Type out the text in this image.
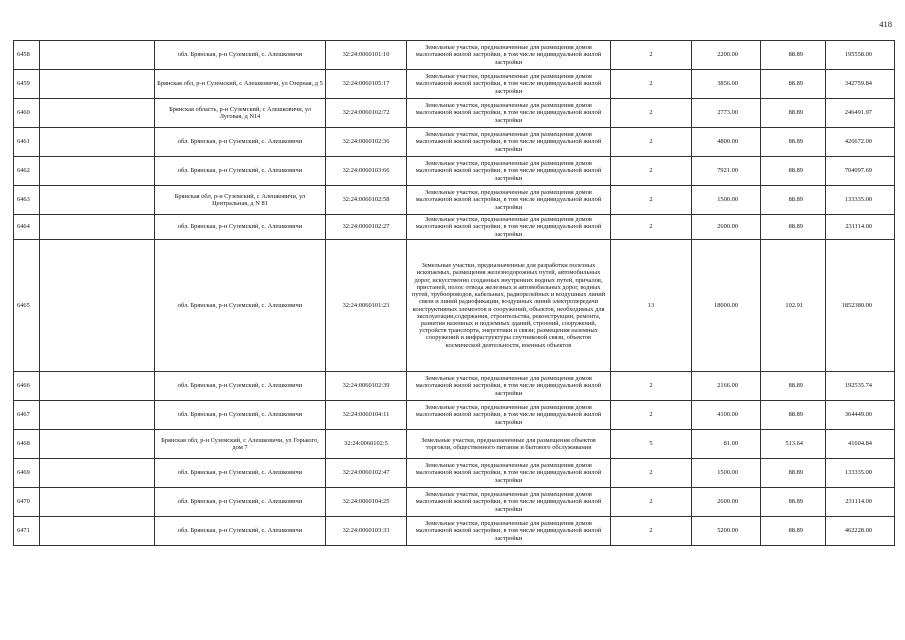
418
6458		обл. Брянская, р-н Суземский, с. Алешковичи	32:24:0060101:10	Земельные участки, предназначенные для размещения домов малоэтажной жилой застройки, в том числе индивидуальной жилой застройки	2	2200.00	88.89	195558.00
6459		Брянская обл, р-н Суземский, с Алешковичи, ул Озерная, д 5	32:24:0060105:17	Земельные участки, предназначенные для размещения домов малоэтажной жилой застройки, в том числе индивидуальной жилой застройки	2	3856.00	88.89	342759.84
6460		Брянская область, р-н Суземский, с Алешковичи, ул Луговая, д N14	32:24:0060102:72	Земельные участки, предназначенные для размещения домов малоэтажной жилой застройки, в том числе индивидуальной жилой застройки	2	2773.00	88.89	246491.97
6461		обл. Брянская, р-н Суземский, с. Алешковичи	32:24:0060102:36	Земельные участки, предназначенные для размещения домов малоэтажной жилой застройки, в том числе индивидуальной жилой застройки	2	4800.00	88.89	426672.00
6462		обл. Брянская, р-н Суземский, с. Алешковичи	32:24:0060103:66	Земельные участки, предназначенные для размещения домов малоэтажной жилой застройки, в том числе индивидуальной жилой застройки	2	7921.00	88.89	704097.69
6463		Брянская обл, р-н Суземский, с Алешковичи, ул Центральная, д N 81	32:24:0060102:58	Земельные участки, предназначенные для размещения домов малоэтажной жилой застройки, в том числе индивидуальной жилой застройки	2	1500.00	88.89	133335.00
6464		обл. Брянская, р-н Суземский, с. Алешковичи	32:24:0060102:27	Земельные участки, предназначенные для размещения домов малоэтажной жилой застройки, в том числе индивидуальной жилой застройки	2	2600.00	88.89	231114.00
6465		обл. Брянская, р-н Суземский, с. Алешковичи	32:24:0060101:23	Земельные участки, предназначенные для разработки полезных ископаемых, размещения железнодорожных путей, автомобильных дорог, искусственно созданных внутренних водных путей, причалов, пристаней, полос отвода железных и автомобильных дорог, водных путей, трубопроводов, кабельных, радиорелейных и воздушных линий связи и линий радиофикации, воздушных линий электропередачи конструктивных элементов и сооружений, объектов, необходимых для эксплуатации,содержания, строительства, реконструкции, ремонта, развития наземных и подземных зданий, строений, сооружений, устройств транспорта, энергетики и связи; размещения наземных сооружений и инфраструктуры спутниковой связи, объектов космической деятельности, военных объектов	13	18000.00	102.91	1852380.00
6466		обл. Брянская, р-н Суземский, с. Алешковичи	32:24:0060102:39	Земельные участки, предназначенные для размещения домов малоэтажной жилой застройки, в том числе индивидуальной жилой застройки	2	2166.00	88.89	192535.74
6467		обл. Брянская, р-н Суземский, с. Алешковичи	32:24:0060104:11	Земельные участки, предназначенные для размещения домов малоэтажной жилой застройки, в том числе индивидуальной жилой застройки	2	4100.00	88.89	364449.00
6468		Брянская обл, р-н Суземский, с Алешковичи, ул Горького, дом 7	32:24:0060102:5	Земельные участки, предназначенные для размещения объектов торговли, общественного питания и бытового обслуживания	5	81.00	513.64	41604.84
6469		обл. Брянская, р-н Суземский, с. Алешковичи	32:24:0060102:47	Земельные участки, предназначенные для размещения домов малоэтажной жилой застройки, в том числе индивидуальной жилой застройки	2	1500.00	88.89	133335.00
6470		обл. Брянская, р-н Суземский, с. Алешковичи	32:24:0060104:25	Земельные участки, предназначенные для размещения домов малоэтажной жилой застройки, в том числе индивидуальной жилой застройки	2	2600.00	88.89	231114.00
6471		обл. Брянская, р-н Суземский, с. Алешковичи	32:24:0060103:33	Земельные участки, предназначенные для размещения домов малоэтажной жилой застройки, в том числе индивидуальной жилой застройки	2	5200.00	88.89	462228.00
